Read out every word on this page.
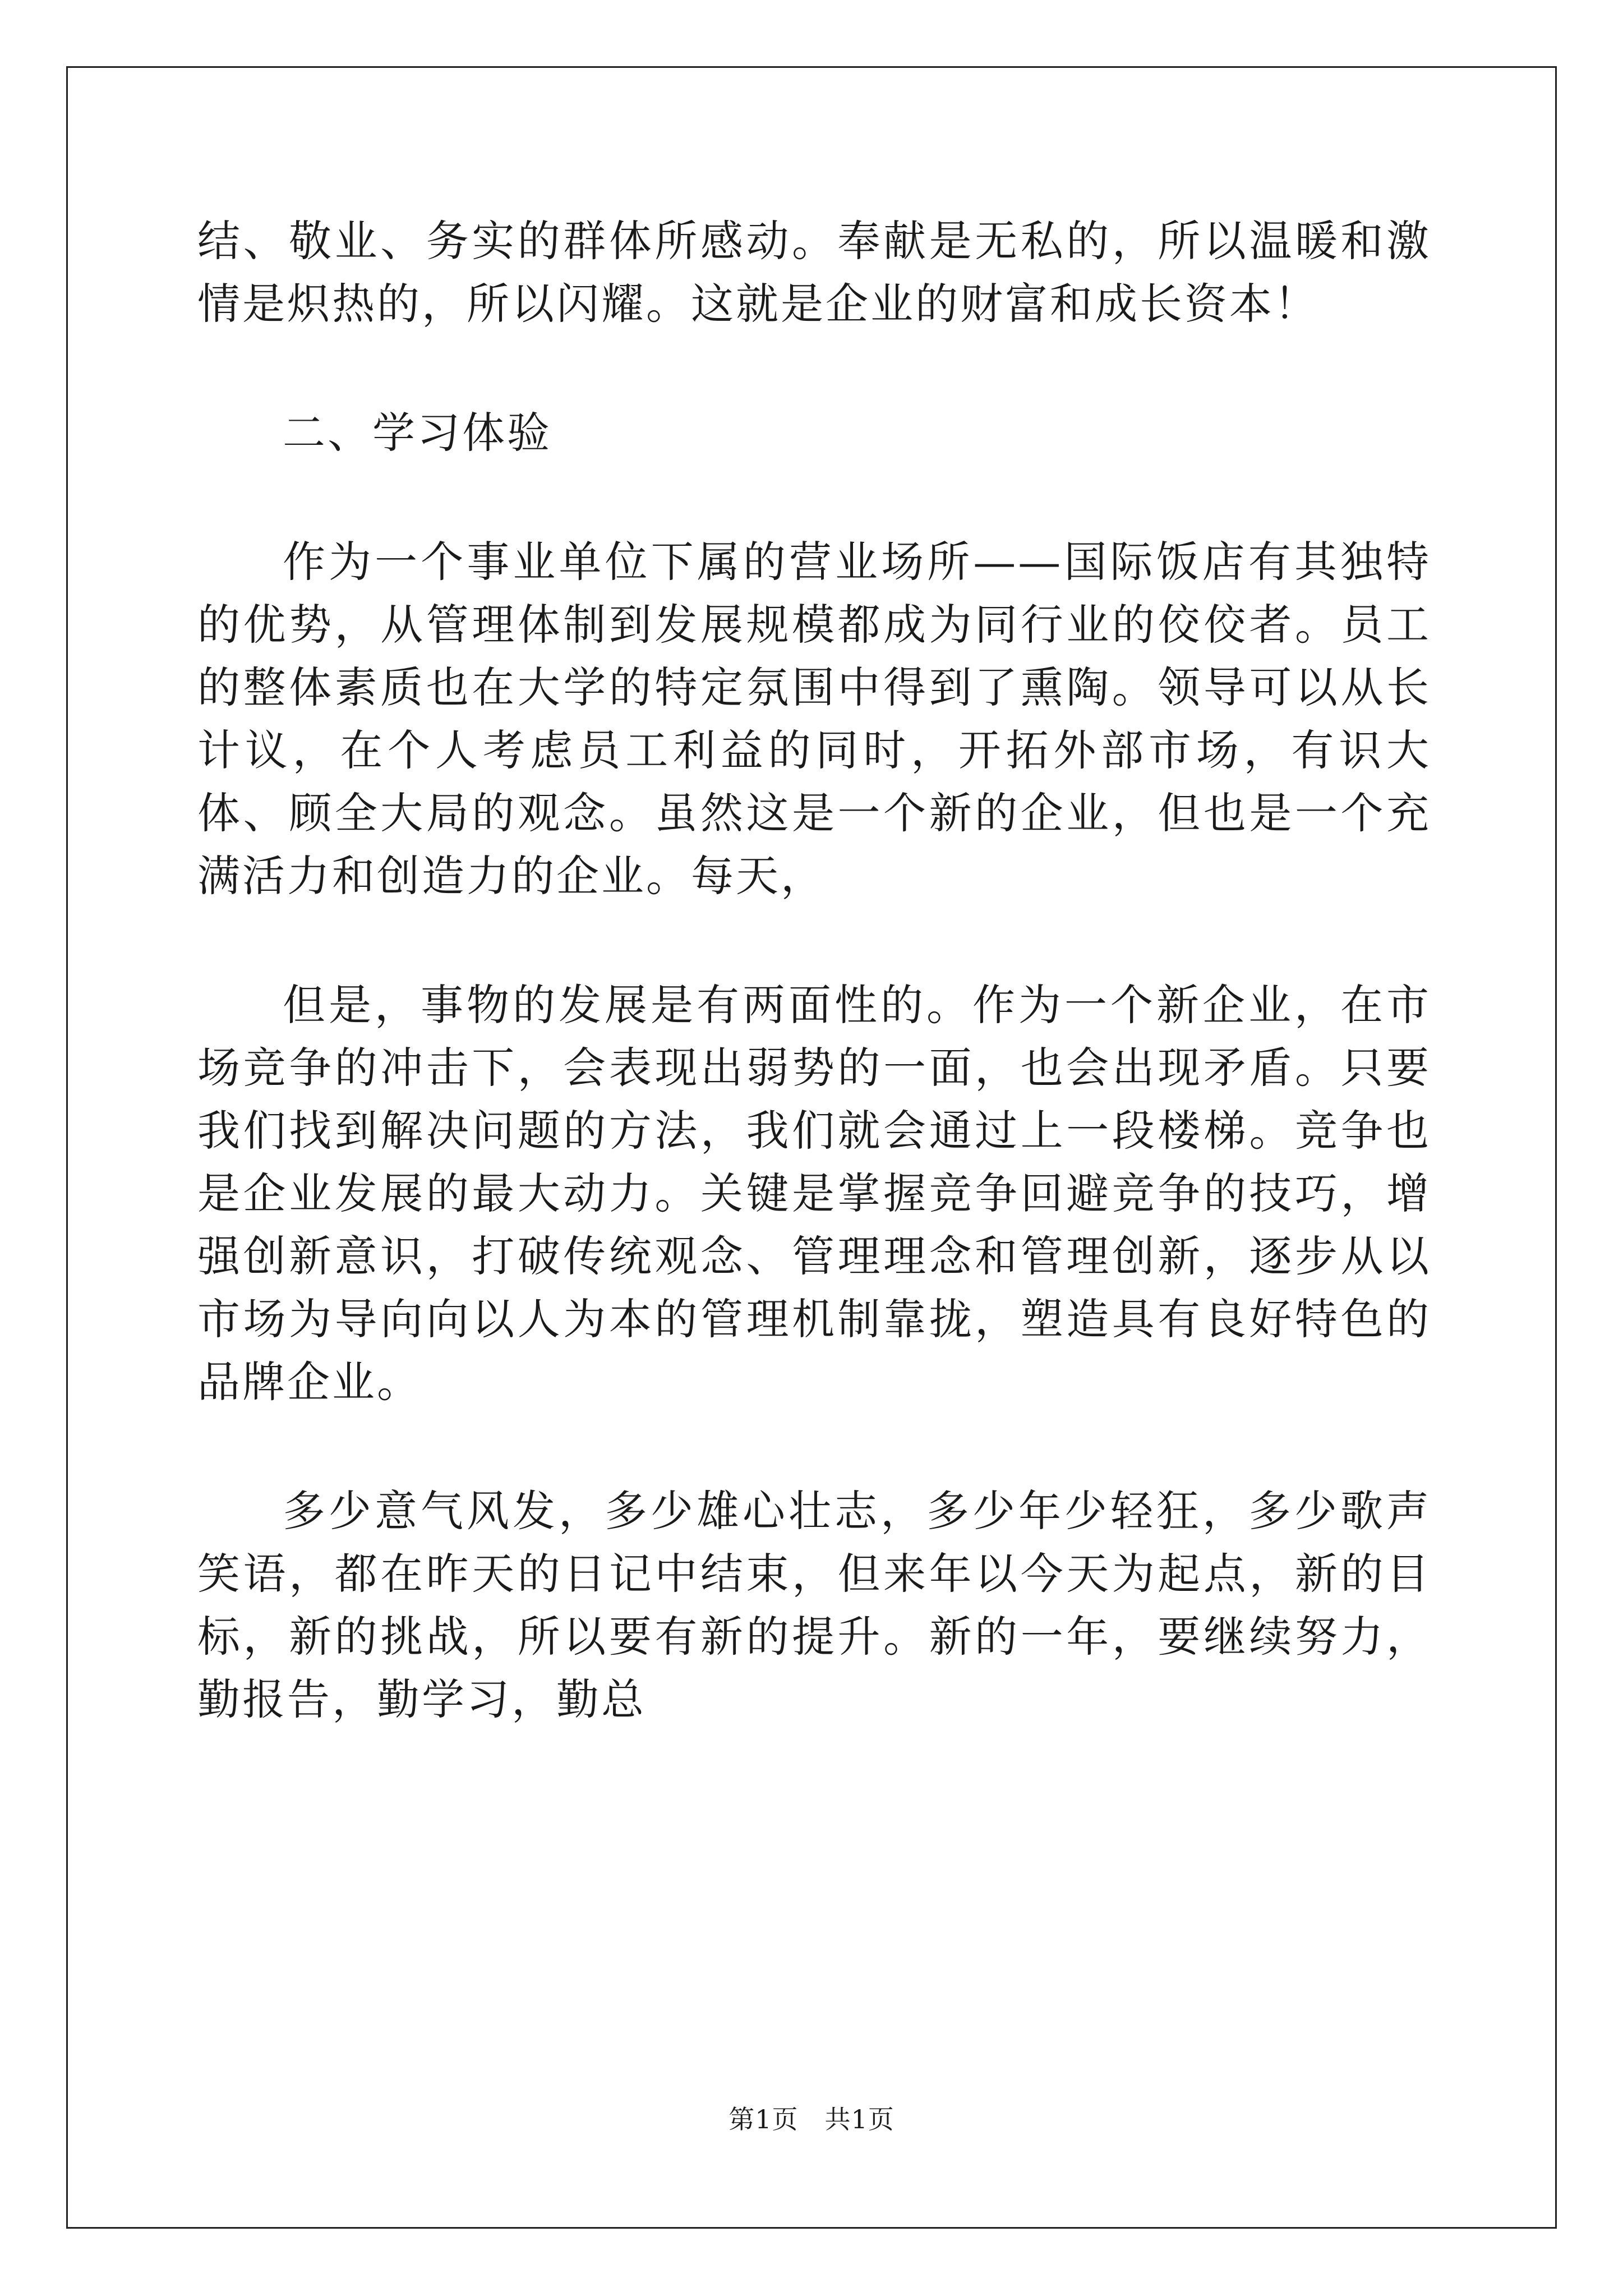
结、敬业、务实的群体所感动。奉献是无私的，所以温暖和激情是炽热的，所以闪耀。这就是企业的财富和成长资本！

二、学习体验

作为一个事业单位下属的营业场所——国际饭店有其独特的优势，从管理体制到发展规模都成为同行业的佼佼者。员工的整体素质也在大学的特定氛围中得到了熏陶。领导可以从长计议，在个人考虑员工利益的同时，开拓外部市场，有识大体、顾全大局的观念。虽然这是一个新的企业，但也是一个充满活力和创造力的企业。每天，

但是，事物的发展是有两面性的。作为一个新企业，在市场竞争的冲击下，会表现出弱势的一面，也会出现矛盾。只要我们找到解决问题的方法，我们就会通过上一段楼梯。竞争也是企业发展的最大动力。关键是掌握竞争回避竞争的技巧，增强创新意识，打破传统观念、管理理念和管理创新，逐步从以市场为导向向以人为本的管理机制靠拢，塑造具有良好特色的品牌企业。

多少意气风发，多少雄心壮志，多少年少轻狂，多少歌声笑语，都在昨天的日记中结束，但来年以今天为起点，新的目标，新的挑战，所以要有新的提升。新的一年，要继续努力，勤报告，勤学习，勤总

第1页　共1页
